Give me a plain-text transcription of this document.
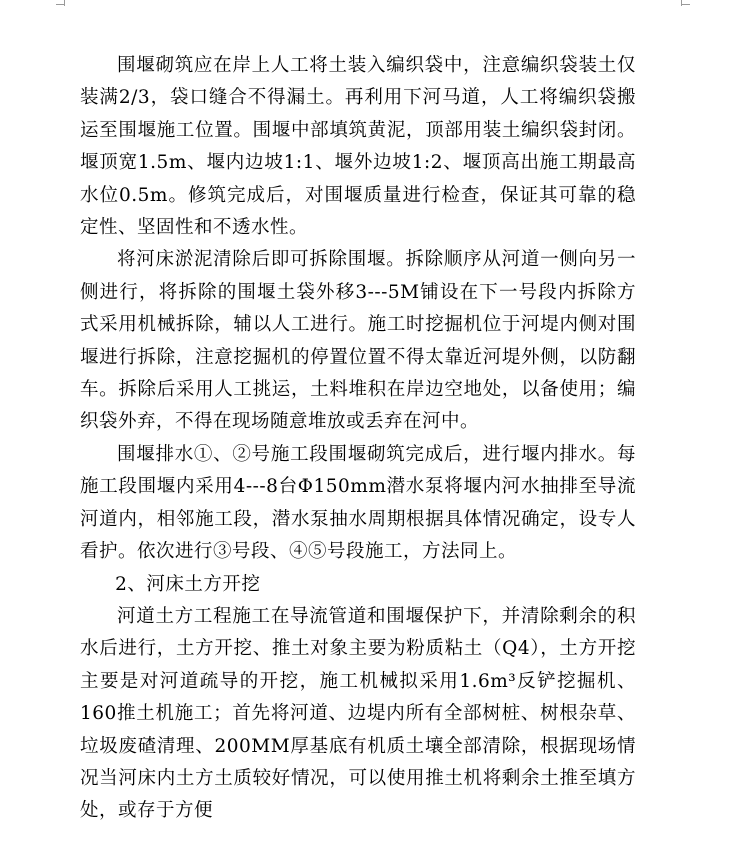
围堰砌筑应在岸上人工将土装入编织袋中，注意编织袋装土仅装满2/3，袋口缝合不得漏土。再利用下河马道，人工将编织袋搬运至围堰施工位置。围堰中部填筑黄泥，顶部用装土编织袋封闭。堰顶宽1.5m、堰内边坡1:1、堰外边坡1:2、堰顶高出施工期最高水位0.5m。修筑完成后，对围堰质量进行检查，保证其可靠的稳定性、坚固性和不透水性。

将河床淤泥清除后即可拆除围堰。拆除顺序从河道一侧向另一侧进行，将拆除的围堰土袋外移3---5M铺设在下一号段内拆除方式采用机械拆除，辅以人工进行。施工时挖掘机位于河堤内侧对围堰进行拆除，注意挖掘机的停置位置不得太靠近河堤外侧，以防翻车。拆除后采用人工挑运，土料堆积在岸边空地处，以备使用；编织袋外弃，不得在现场随意堆放或丢弃在河中。

围堰排水①、②号施工段围堰砌筑完成后，进行堰内排水。每施工段围堰内采用4---8台Φ150mm潜水泵将堰内河水抽排至导流河道内，相邻施工段，潜水泵抽水周期根据具体情况确定，设专人看护。依次进行③号段、④⑤号段施工，方法同上。

2、河床土方开挖

河道土方工程施工在导流管道和围堰保护下，并清除剩余的积水后进行，土方开挖、推土对象主要为粉质粘土（Q4），土方开挖主要是对河道疏导的开挖，施工机械拟采用1.6m³反铲挖掘机、160推土机施工；首先将河道、边堤内所有全部树桩、树根杂草、垃圾废碴清理、200MM厚基底有机质土壤全部清除，根据现场情况当河床内土方土质较好情况，可以使用推土机将剩余土推至填方处，或存于方便
